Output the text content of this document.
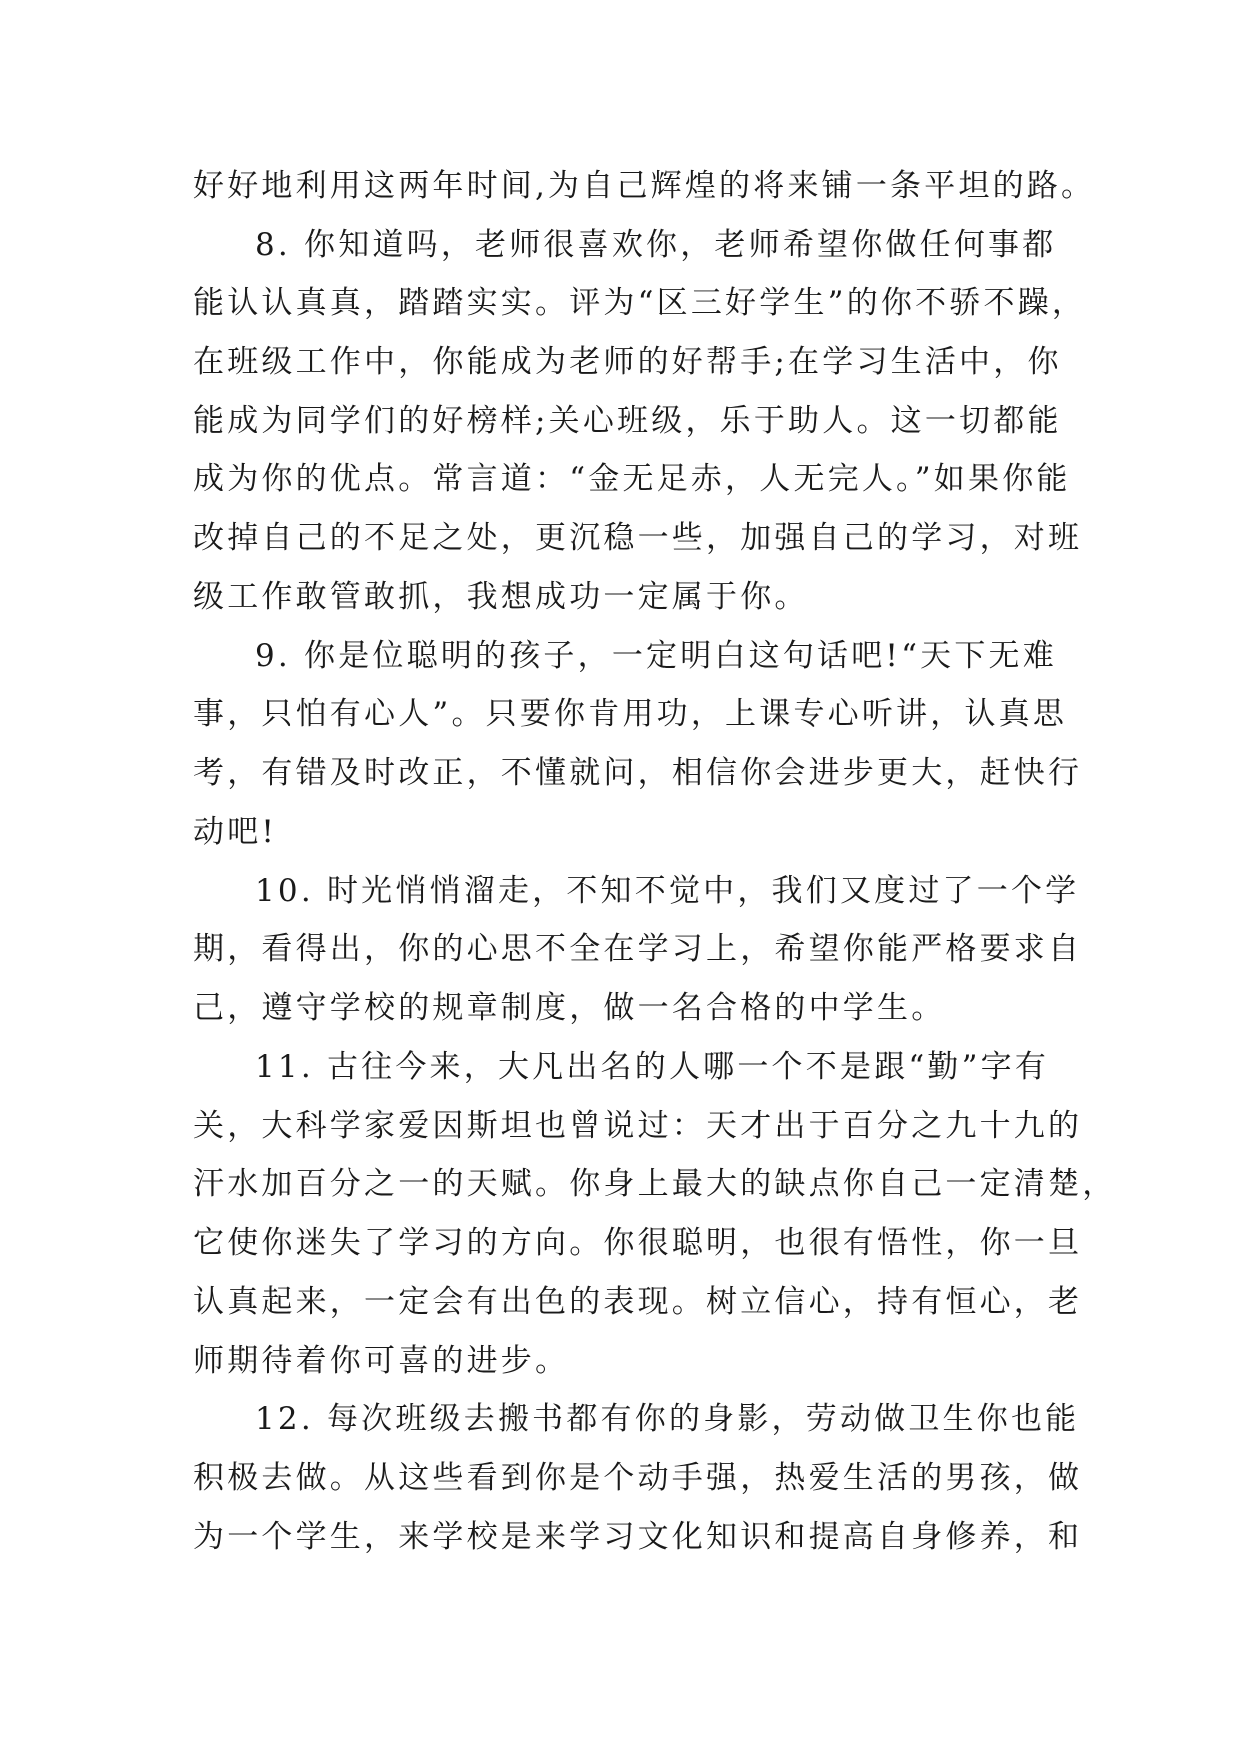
好好地利用这两年时间,为自己辉煌的将来铺一条平坦的路。

8. 你知道吗，老师很喜欢你，老师希望你做任何事都

能认认真真，踏踏实实。评为“区三好学生”的你不骄不躁，

在班级工作中，你能成为老师的好帮手;在学习生活中，你

能成为同学们的好榜样;关心班级，乐于助人。这一切都能

成为你的优点。常言道：“金无足赤，人无完人。”如果你能

改掉自己的不足之处，更沉稳一些，加强自己的学习，对班

级工作敢管敢抓，我想成功一定属于你。

9. 你是位聪明的孩子，一定明白这句话吧!“天下无难

事，只怕有心人”。只要你肯用功，上课专心听讲，认真思

考，有错及时改正，不懂就问，相信你会进步更大，赶快行

动吧!

10. 时光悄悄溜走，不知不觉中，我们又度过了一个学

期，看得出，你的心思不全在学习上，希望你能严格要求自

己，遵守学校的规章制度，做一名合格的中学生。

11. 古往今来，大凡出名的人哪一个不是跟“勤”字有

关，大科学家爱因斯坦也曾说过：天才出于百分之九十九的

汗水加百分之一的天赋。你身上最大的缺点你自己一定清楚，

它使你迷失了学习的方向。你很聪明，也很有悟性，你一旦

认真起来，一定会有出色的表现。树立信心，持有恒心，老

师期待着你可喜的进步。

12. 每次班级去搬书都有你的身影，劳动做卫生你也能

积极去做。从这些看到你是个动手强，热爱生活的男孩，做

为一个学生，来学校是来学习文化知识和提高自身修养，和
